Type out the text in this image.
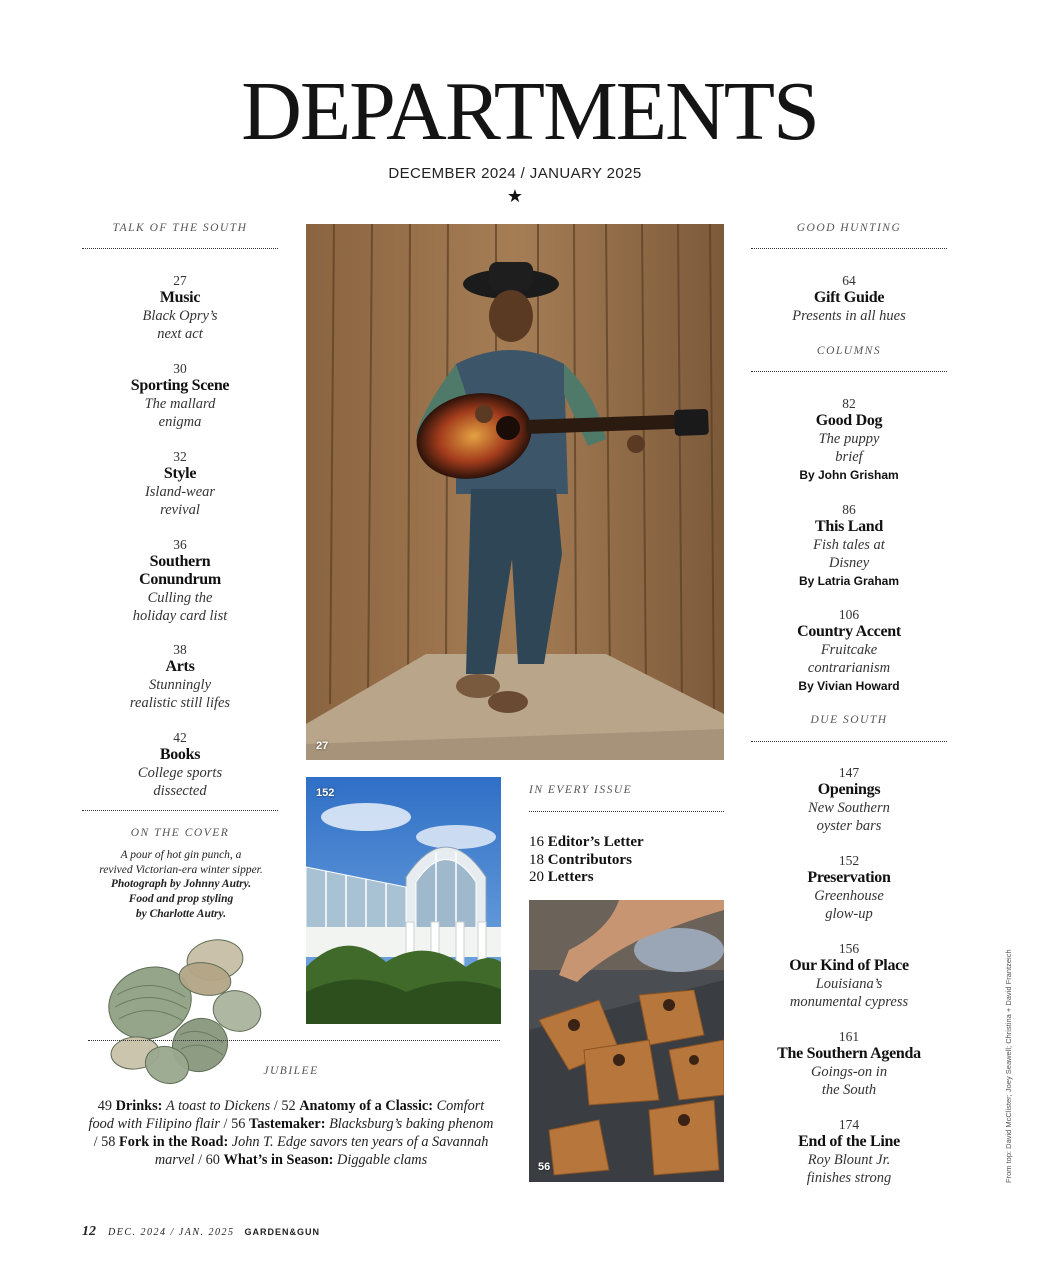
DEPARTMENTS
DECEMBER 2024 / JANUARY 2025
★
TALK OF THE SOUTH
27
Music
Black Opry’s
next act
30
Sporting Scene
The mallard
enigma
32
Style
Island-wear
revival
36
Southern
Conundrum
Culling the
holiday card list
38
Arts
Stunningly
realistic still lifes
42
Books
College sports
dissected
ON THE COVER
A pour of hot gin punch, a
revived Victorian-era winter sipper.
Photograph by Johnny Autry.
Food and prop styling
by Charlotte Autry.
27
152	IN EVERY ISSUE
16 Editor’s Letter
18 Contributors
20 Letters
56
JUBILEE
49 Drinks: A toast to Dickens / 52 Anatomy of a Classic: Comfort food with Filipino flair / 56 Tastemaker: Blacksburg’s baking phenom / 58 Fork in the Road: John T. Edge savors ten years of a Savannah marvel / 60 What’s in Season: Diggable clams
GOOD HUNTING
64
Gift Guide
Presents in all hues
COLUMNS
82
Good Dog
The puppy
brief
By John Grisham
86
This Land
Fish tales at
Disney
By Latria Graham
106
Country Accent
Fruitcake
contrarianism
By Vivian Howard
DUE SOUTH
147
Openings
New Southern
oyster bars
152
Preservation
Greenhouse
glow-up
156
Our Kind of Place
Louisiana’s
monumental cypress
161
The Southern Agenda
Goings-on in
the South
174
End of the Line
Roy Blount Jr.
finishes strong	From top: David McClister; Joey Seawell; Christina + David Frantzeich
12 DEC. 2024 / JAN. 2025 GARDEN&GUN
